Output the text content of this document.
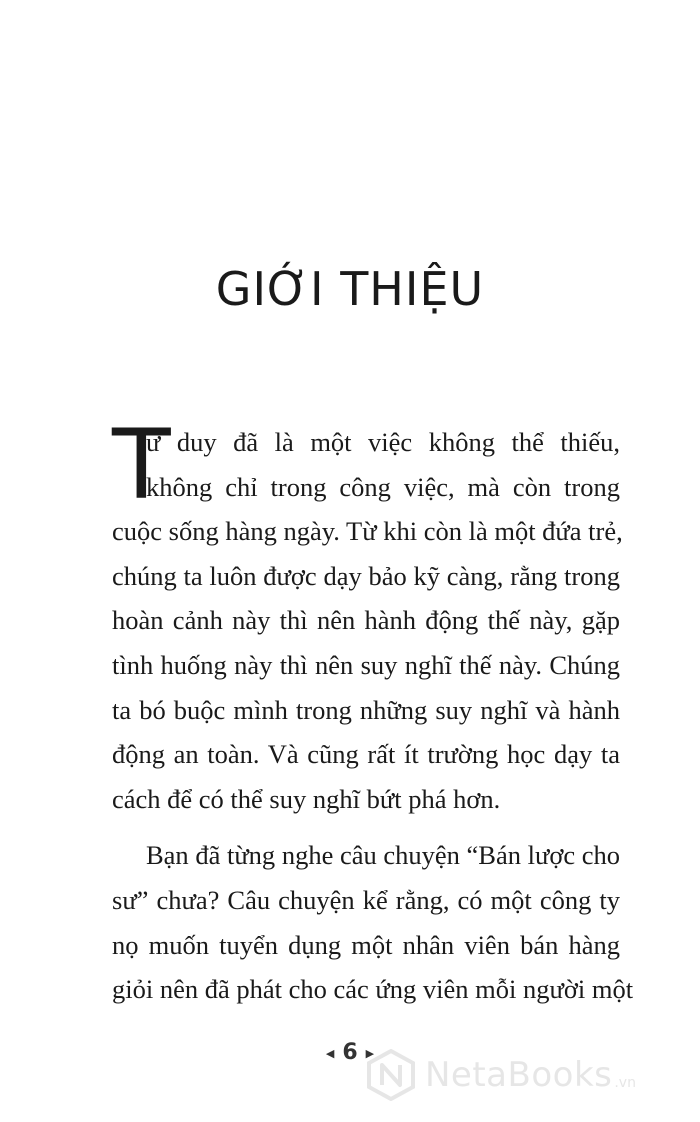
GIỚI THIỆU
T

ư duy đã là một việc không thể thiếu,
không chỉ trong công việc, mà còn trong
cuộc sống hàng ngày. Từ khi còn là một đứa trẻ,
chúng ta luôn được dạy bảo kỹ càng, rằng trong
hoàn cảnh này thì nên hành động thế này, gặp
tình huống này thì nên suy nghĩ thế này. Chúng
ta bó buộc mình trong những suy nghĩ và hành
động an toàn. Và cũng rất ít trường học dạy ta
cách để có thể suy nghĩ bứt phá hơn.

Bạn đã từng nghe câu chuyện “Bán lược cho
sư” chưa? Câu chuyện kể rằng, có một công ty
nọ muốn tuyển dụng một nhân viên bán hàng
giỏi nên đã phát cho các ứng viên mỗi người một

◀ 6 ▶
NetaBooks .vn
